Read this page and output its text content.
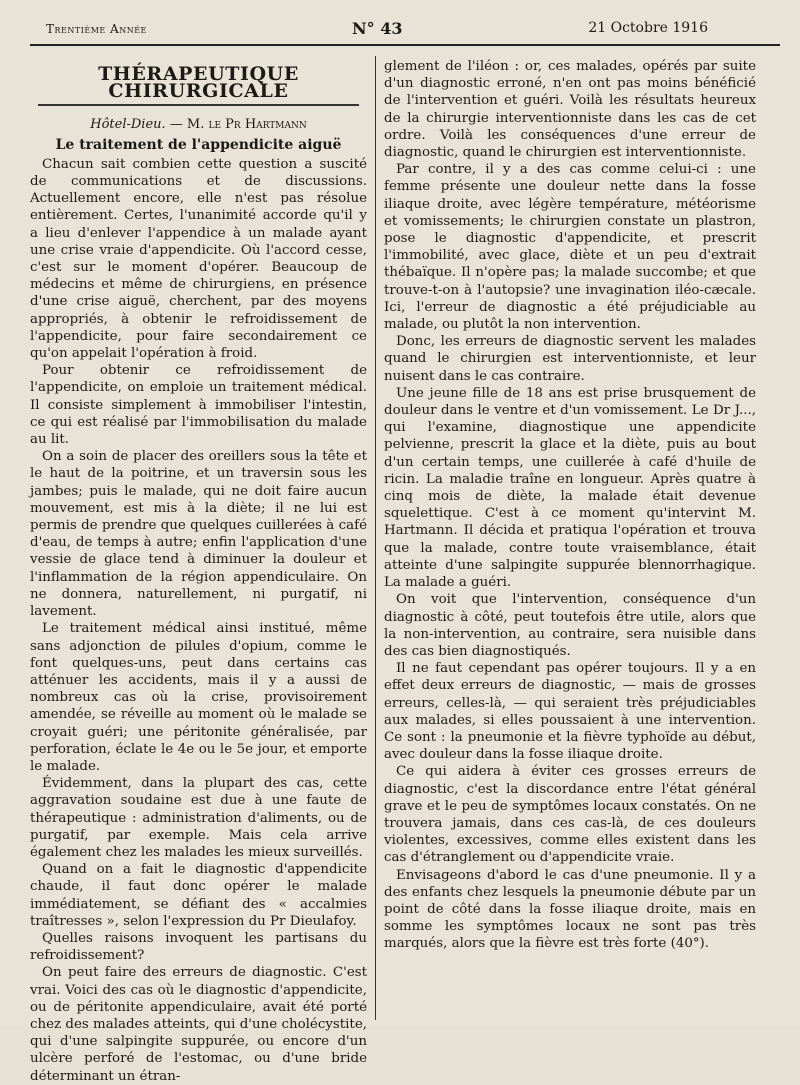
Trentième Année	N° 43	21 Octobre 1916
THÉRAPEUTIQUE CHIRURGICALE
Hôtel-Dieu. — M. le Pr Hartmann
Le traitement de l'appendicite aiguë

Chacun sait combien cette question a suscité de communications et de discussions. Actuellement encore, elle n'est pas résolue entièrement. Certes, l'unanimité accorde qu'il y a lieu d'enlever l'appendice à un malade ayant une crise vraie d'appendicite. Où l'accord cesse, c'est sur le moment d'opérer. Beaucoup de médecins et même de chirurgiens, en présence d'une crise aiguë, cherchent, par des moyens appropriés, à obtenir le refroidissement de l'appendicite, pour faire secondairement ce qu'on appelait l'opération à froid.

Pour obtenir ce refroidissement de l'appendicite, on emploie un traitement médical. Il consiste simplement à immobiliser l'intestin, ce qui est réalisé par l'immobilisation du malade au lit.

On a soin de placer des oreillers sous la tête et le haut de la poitrine, et un traversin sous les jambes; puis le malade, qui ne doit faire aucun mouvement, est mis à la diète; il ne lui est permis de prendre que quelques cuillerées à café d'eau, de temps à autre; enfin l'application d'une vessie de glace tend à diminuer la douleur et l'inflammation de la région appendiculaire. On ne donnera, naturellement, ni purgatif, ni lavement.

Le traitement médical ainsi institué, même sans adjonction de pilules d'opium, comme le font quelques-uns, peut dans certains cas atténuer les accidents, mais il y a aussi de nombreux cas où la crise, provisoirement amendée, se réveille au moment où le malade se croyait guéri; une péritonite généralisée, par perforation, éclate le 4e ou le 5e jour, et emporte le malade.

Évidemment, dans la plupart des cas, cette aggravation soudaine est due à une faute de thérapeutique : administration d'aliments, ou de purgatif, par exemple. Mais cela arrive également chez les malades les mieux surveillés.

Quand on a fait le diagnostic d'appendicite chaude, il faut donc opérer le malade immédiatement, se défiant des « accalmies traîtresses », selon l'expression du Pr Dieulafoy.

Quelles raisons invoquent les partisans du refroidissement?

On peut faire des erreurs de diagnostic. C'est vrai. Voici des cas où le diagnostic d'appendicite, ou de péritonite appendiculaire, avait été porté chez des malades atteints, qui d'une cholécystite, qui d'une salpingite suppurée, ou encore d'un ulcère perforé de l'estomac, ou d'une bride déterminant un étran-

glement de l'iléon : or, ces malades, opérés par suite d'un diagnostic erroné, n'en ont pas moins bénéficié de l'intervention et guéri. Voilà les résultats heureux de la chirurgie interventionniste dans les cas de cet ordre. Voilà les conséquences d'une erreur de diagnostic, quand le chirurgien est interventionniste.

Par contre, il y a des cas comme celui-ci : une femme présente une douleur nette dans la fosse iliaque droite, avec légère température, météorisme et vomissements; le chirurgien constate un plastron, pose le diagnostic d'appendicite, et prescrit l'immobilité, avec glace, diète et un peu d'extrait thébaïque. Il n'opère pas; la malade succombe; et que trouve-t-on à l'autopsie? une invagination iléo-cæcale. Ici, l'erreur de diagnostic a été préjudiciable au malade, ou plutôt la non intervention.

Donc, les erreurs de diagnostic servent les malades quand le chirurgien est interventionniste, et leur nuisent dans le cas contraire.

Une jeune fille de 18 ans est prise brusquement de douleur dans le ventre et d'un vomissement. Le Dr J..., qui l'examine, diagnostique une appendicite pelvienne, prescrit la glace et la diète, puis au bout d'un certain temps, une cuillerée à café d'huile de ricin. La maladie traîne en longueur. Après quatre à cinq mois de diète, la malade était devenue squelettique. C'est à ce moment qu'intervint M. Hartmann. Il décida et pratiqua l'opération et trouva que la malade, contre toute vraisemblance, était atteinte d'une salpingite suppurée blennorrhagique. La malade a guéri.

On voit que l'intervention, conséquence d'un diagnostic à côté, peut toutefois être utile, alors que la non-intervention, au contraire, sera nuisible dans des cas bien diagnostiqués.

Il ne faut cependant pas opérer toujours. Il y a en effet deux erreurs de diagnostic, — mais de grosses erreurs, celles-là, — qui seraient très préjudiciables aux malades, si elles poussaient à une intervention. Ce sont : la pneumonie et la fièvre typhoïde au début, avec douleur dans la fosse iliaque droite.

Ce qui aidera à éviter ces grosses erreurs de diagnostic, c'est la discordance entre l'état général grave et le peu de symptômes locaux constatés. On ne trouvera jamais, dans ces cas-là, de ces douleurs violentes, excessives, comme elles existent dans les cas d'étranglement ou d'appendicite vraie.

Envisageons d'abord le cas d'une pneumonie. Il y a des enfants chez lesquels la pneumonie débute par un point de côté dans la fosse iliaque droite, mais en somme les symptômes locaux ne sont pas très marqués, alors que la fièvre est très forte (40°).
